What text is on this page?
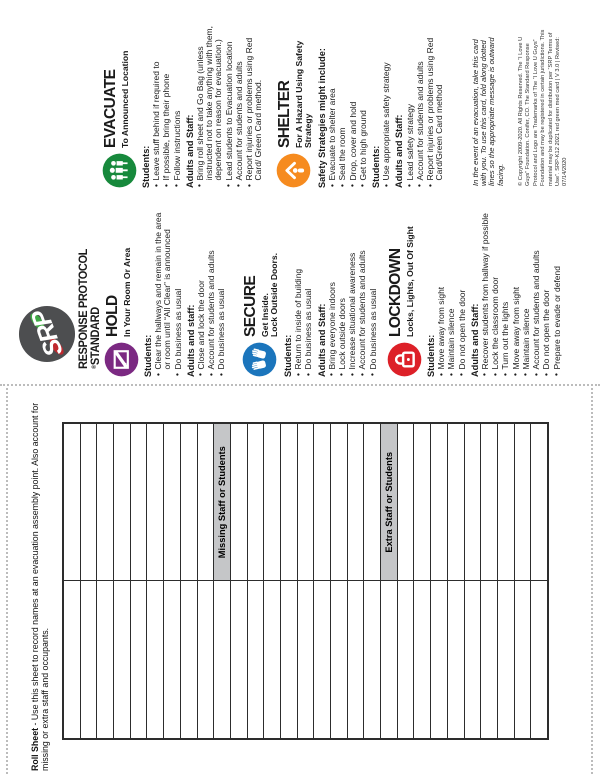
Roll Sheet - Use this sheet to record names at an evacuation assembly point. Also account for missing or extra staff and occupants.

	Missing Staff or Students

	Extra Staff or Students

SRP
®STANDARD
RESPONSE PROTOCOL HOLD In Your Room Or Area
Students: • Clear the hallways and remain in the area or room until “All Clear” is announced • Do business as usual Adults and staff: • Close and lock the door • Account for students and adults • Do business as usual SECURE Get Inside. Lock Outside Doors.
Students: • Return to inside of building • Do business as usual Adults and Staff: • Bring everyone indoors • Lock outside doors • Increase situational awareness • Account for students and adults • Do business as usual LOCKDOWN Locks, Lights, Out Of Sight
Students: • Move away from sight • Maintain silence • Do not open the door Adults and Staff: • Recover students from hallway if possible • Lock the classroom door • Turn out the lights • Move away from sight • Maintain silence • Account for students and adults • Do not open the door • Prepare to evade or defend
EVACUATE To Announced Location
Students: • Leave stuff behind if required to • If possible, bring their phone • Follow instructions Adults and Staff: • Bring roll sheet and Go Bag (unless instructed not to take anything with them, dependent on reason for evacuation.) • Lead students to Evacuation location • Account for students and adults • Report injuries or problems using Red Card/ Green Card method. SHELTER For A Hazard Using Safety Strategy Safety Strategies might include: • Evacuate to shelter area • Seal the room • Drop, cover and hold • Get to high ground Students: • Use appropriate safety strategy Adults and Staff: • Lead safety strategy • Account for students and adults • Report injuries or problems using Red Card/Green Card method	In the event of an evacuation, take this card with you. To use this card, fold along dotted lines so the appropriate message is outward facing. © Copyright 2009-2020. All Rights Reserved. The “I Love U Guys” Foundation. Conifer, CO. The Standard Response Protocol and Logo are Trademarks of The “I Love U Guys” Foundation and may be registered in certain jurisdictions. This material may be duplicated for distribution per “SRP Terms of Use”. SRP-K12 2021 red green med card | V 3.0 | Revised: 07/14/2020
